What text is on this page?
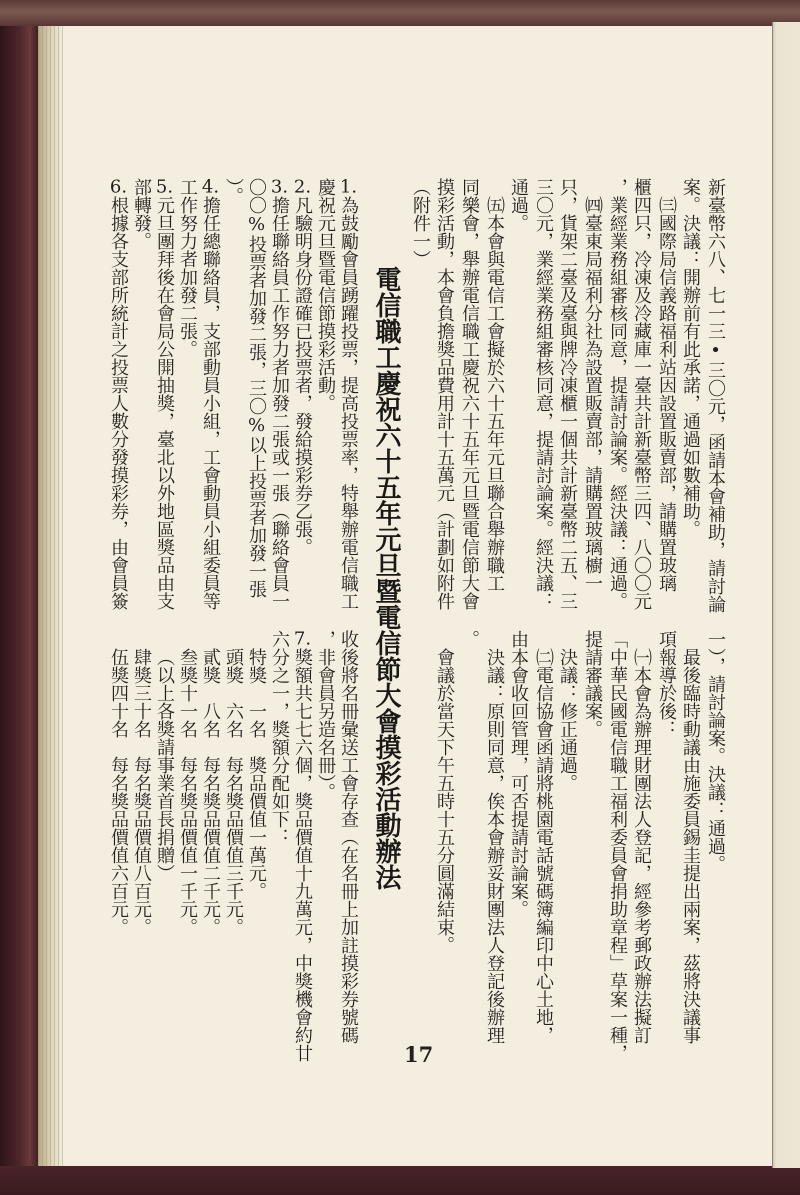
新臺幣六八、七一三•三〇元，函請本會補助，請討論
案。決議：開辦前有此承諾，通過如數補助。
㈢國際局信義路福利站因設置販賣部，請購置玻璃
櫃四只，冷凍及冷藏庫一臺共計新臺幣三四、八〇〇元
，業經業務組審核同意，提請討論案。經決議：通過。
㈣臺東局福利分社為設置販賣部，請購置玻璃櫥一
只，貨架二臺及臺與牌冷凍櫃一個共計新臺幣二五、三
三〇元，業經業務組審核同意，提請討論案。經決議：
通過。
㈤本會與電信工會擬於六十五年元旦聯合舉辦職工
同樂會，舉辦電信職工慶祝六十五年元旦暨電信節大會
摸彩活動，本會負擔獎品費用計十五萬元（計劃如附件
一），請討論案。決議：通過。
最後臨時動議由施委員錫圭提出兩案，茲將決議事
項報導於後：
㈠本會為辦理財團法人登記，經參考郵政辦法擬訂
「中華民國電信職工福利委員會捐助章程」草案一種，
提請審議案。
決議：修正通過。
㈡電信協會函請將桃園電話號碼簿編印中心土地，
由本會收回管理，可否提請討論案。
決議：原則同意，俟本會辦妥財團法人登記後辦理
。
會議於當天下午五時十五分圓滿結束。
（附件一）
電信職工慶祝六十五年元旦暨電信節大會摸彩活動辦法
1.為鼓勵會員踴躍投票，提高投票率，特舉辦電信職工
慶祝元旦暨電信節摸彩活動。
2.凡驗明身份證確已投票者，發給摸彩券乙張。
3.擔任聯絡員工作努力者加發二張或一張（聯絡會員一
〇〇%投票者加發二張，三〇%以上投票者加發一張
）。
4.擔任總聯絡員，支部動員小組，工會動員小組委員等
工作努力者加發二張。
5.元旦團拜後在會局公開抽獎，臺北以外地區獎品由支
部轉發。
6.根據各支部所統計之投票人數分發摸彩券，由會員簽
收後將名冊彙送工會存查（在名冊上加註摸彩券號碼
，非會員另造名冊）。
7.獎額共七七六個，獎品價值十九萬元，中獎機會約廿
六分之一，獎額分配如下：
特獎　一名　獎品價值一萬元。
頭獎　六名　每名獎品價值三千元。
貳獎　八名　每名獎品價值二千元。
叁獎十一名　每名獎品價值一千元。
（以上各獎請事業首長捐贈）
肆獎三十名　每名獎品價值八百元。
伍獎四十名　每名獎品價值六百元。
17
